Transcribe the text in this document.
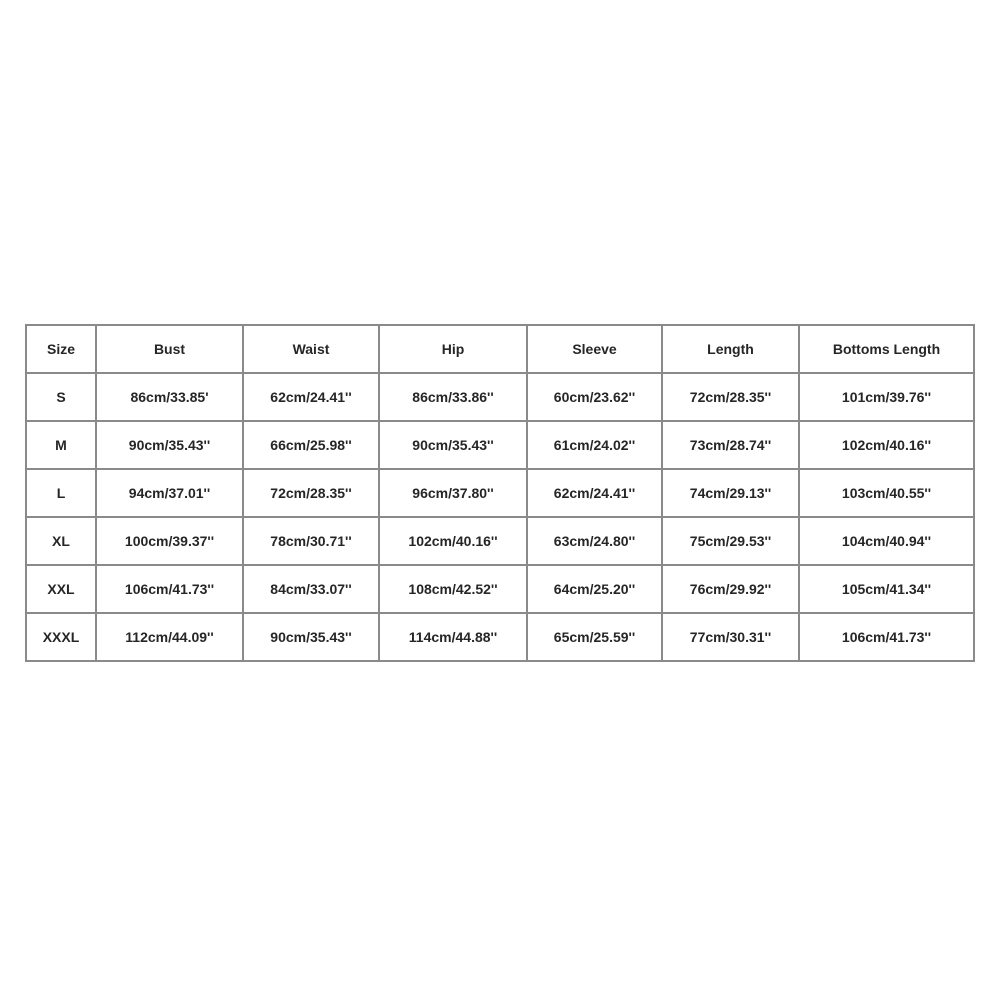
Size	Bust	Waist	Hip	Sleeve	Length	Bottoms Length
S	86cm/33.85'	62cm/24.41''	86cm/33.86''	60cm/23.62''	72cm/28.35''	101cm/39.76''
M	90cm/35.43''	66cm/25.98''	90cm/35.43''	61cm/24.02''	73cm/28.74''	102cm/40.16''
L	94cm/37.01''	72cm/28.35''	96cm/37.80''	62cm/24.41''	74cm/29.13''	103cm/40.55''
XL	100cm/39.37''	78cm/30.71''	102cm/40.16''	63cm/24.80''	75cm/29.53''	104cm/40.94''
XXL	106cm/41.73''	84cm/33.07''	108cm/42.52''	64cm/25.20''	76cm/29.92''	105cm/41.34''
XXXL	112cm/44.09''	90cm/35.43''	114cm/44.88''	65cm/25.59''	77cm/30.31''	106cm/41.73''
